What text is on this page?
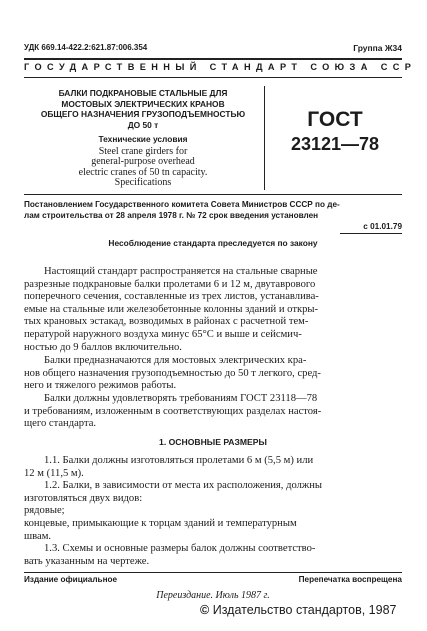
УДК 669.14-422.2:621.87:006.354	Группа Ж34
ГОСУДАРСТВЕННЫЙ СТАНДАРТ СОЮЗА ССР
БАЛКИ ПОДКРАНОВЫЕ СТАЛЬНЫЕ ДЛЯ
МОСТОВЫХ ЭЛЕКТРИЧЕСКИХ КРАНОВ
ОБЩЕГО НАЗНАЧЕНИЯ ГРУЗОПОДЪЕМНОСТЬЮ
ДО 50 т
Технические условия
Steel crane girders for
general-purpose overhead
electric cranes of 50 tn capacity.
Specifications
ГОСТ
23121—78
Постановлением Государственного комитета Совета Министров СССР по де-
лам строительства от 28 апреля 1978 г. № 72 срок введения установлен
с 01.01.79
Несоблюдение стандарта преследуется по закону
Настоящий стандарт распространяется на стальные сварные
разрезные подкрановые балки пролетами 6 и 12 м, двутаврового
поперечного сечения, составленные из трех листов, устанавлива-
емые на стальные или железобетонные колонны зданий и откры-
тых крановых эстакад, возводимых в районах с расчетной тем-
пературой наружного воздуха минус 65°С и выше и сейсмич-
ностью до 9 баллов включительно.
Балки предназначаются для мостовых электрических кра-
нов общего назначения грузоподъемностью до 50 т легкого, сред-
него и тяжелого режимов работы.
Балки должны удовлетворять требованиям ГОСТ 23118—78
и требованиям, изложенным в соответствующих разделах настоя-
щего стандарта.
1. ОСНОВНЫЕ РАЗМЕРЫ
1.1. Балки должны изготовляться пролетами 6 м (5,5 м) или
12 м (11,5 м).
1.2. Балки, в зависимости от места их расположения, должны
изготовляться двух видов:
рядовые;
концевые, примыкающие к торцам зданий и температурным
швам.
1.3. Схемы и основные размеры балок должны соответство-
вать указанным на чертеже.
Издание официальное	Перепечатка воспрещена
Переиздание. Июль 1987 г.
© Издательство стандартов, 1987
